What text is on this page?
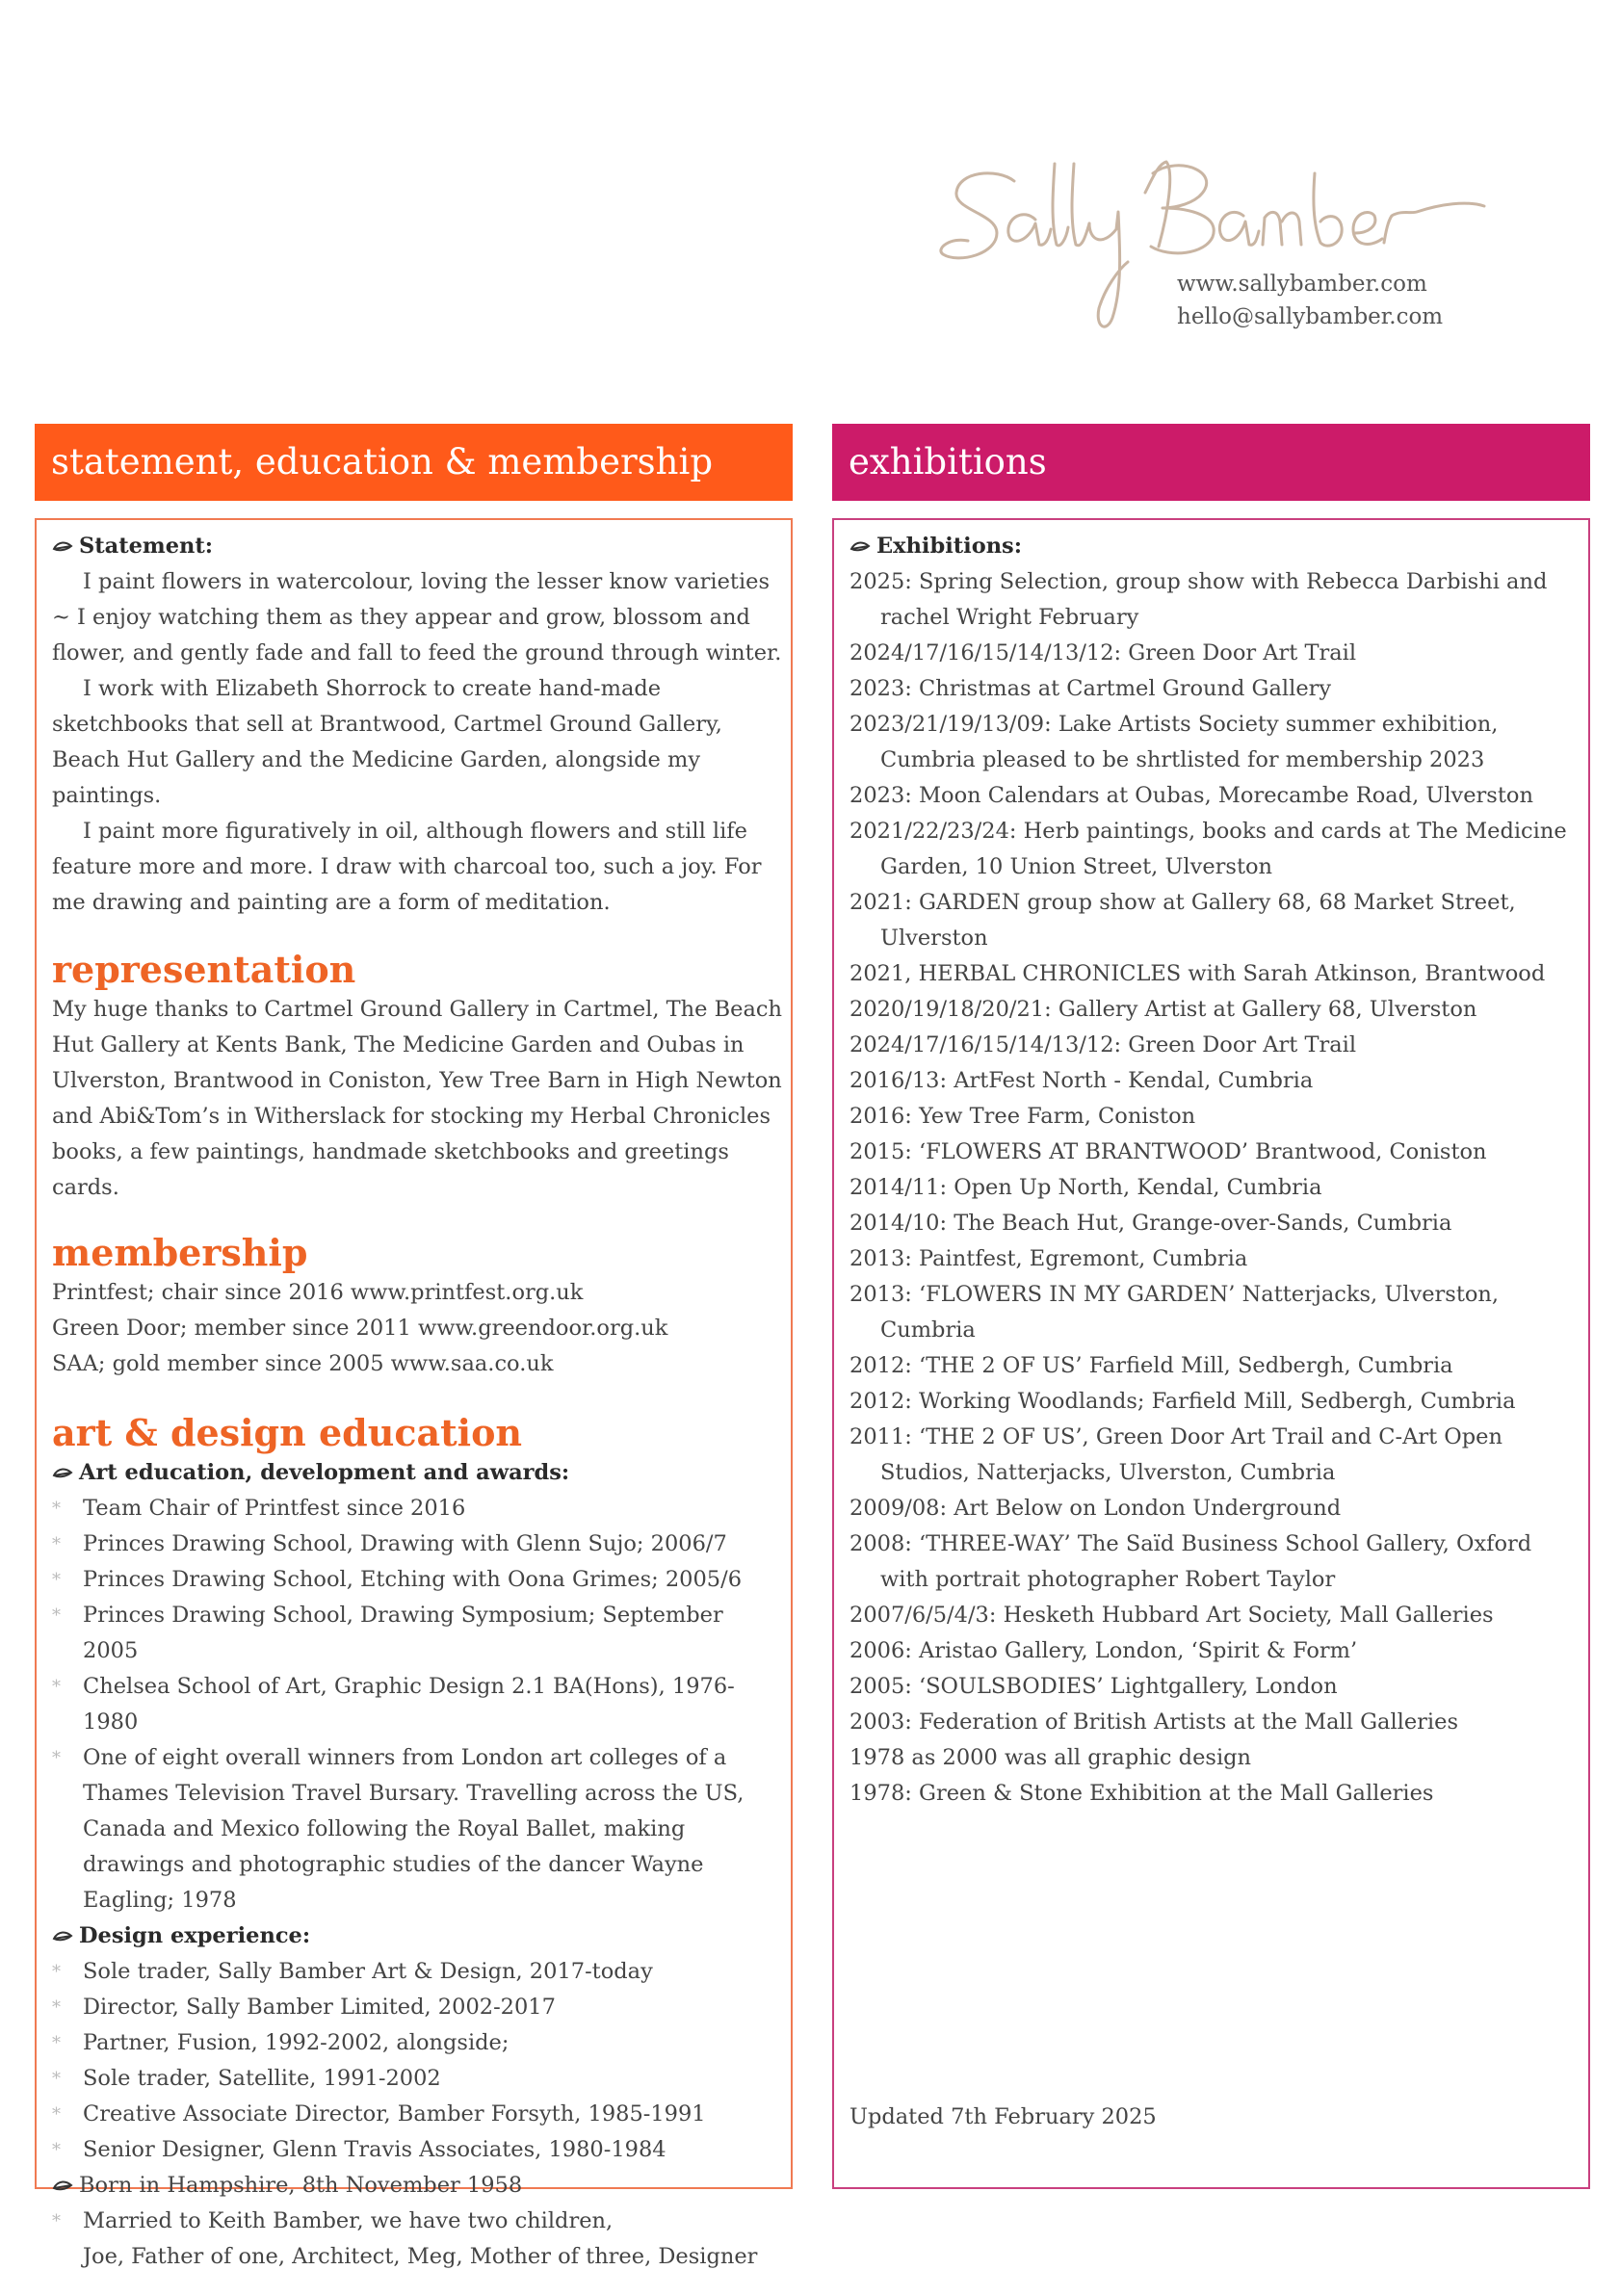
www.sallybamber.com
hello@sallybamber.com
statement, education & membership	exhibitions
Statement:

I paint flowers in watercolour, loving the lesser know varieties ~ I enjoy watching them as they appear and grow, blossom and flower, and gently fade and fall to feed the ground through winter.

I work with Elizabeth Shorrock to create hand-made sketchbooks that sell at Brantwood, Cartmel Ground Gallery, Beach Hut Gallery and the Medicine Garden, alongside my paintings.

I paint more figuratively in oil, although flowers and still life feature more and more. I draw with charcoal too, such a joy. For me drawing and painting are a form of meditation.

representation

My huge thanks to Cartmel Ground Gallery in Cartmel, The Beach Hut Gallery at Kents Bank, The Medicine Garden and Oubas in Ulverston, Brantwood in Coniston, Yew Tree Barn in High Newton and Abi&Tom’s in Witherslack for stocking my Herbal Chronicles books, a few paintings, handmade sketchbooks and greetings cards.

membership
Printfest; chair since 2016 www.printfest.org.uk
Green Door; member since 2011 www.greendoor.org.uk
SAA; gold member since 2005 www.saa.co.uk
art & design education
Art education, development and awards:
* Team Chair of Printfest since 2016
* Princes Drawing School, Drawing with Glenn Sujo; 2006/7
* Princes Drawing School, Etching with Oona Grimes; 2005/6
* Princes Drawing School, Drawing Symposium; September 2005
* Chelsea School of Art, Graphic Design 2.1 BA(Hons), 1976-1980
* One of eight overall winners from London art colleges of a Thames Television Travel Bursary. Travelling across the US, Canada and Mexico following the Royal Ballet, making drawings and photographic studies of the dancer Wayne Eagling; 1978
Design experience:
* Sole trader, Sally Bamber Art & Design, 2017-today
* Director, Sally Bamber Limited, 2002-2017
* Partner, Fusion, 1992-2002, alongside;
* Sole trader, Satellite, 1991-2002
* Creative Associate Director, Bamber Forsyth, 1985-1991
* Senior Designer, Glenn Travis Associates, 1980-1984
Born in Hampshire, 8th November 1958
* Married to Keith Bamber, we have two children,
Joe, Father of one, Architect, Meg, Mother of three, Designer
Exhibitions:
2025: Spring Selection, group show with Rebecca Darbishi and rachel Wright February
2024/17/16/15/14/13/12: Green Door Art Trail
2023: Christmas at Cartmel Ground Gallery
2023/21/19/13/09: Lake Artists Society summer exhibition, Cumbria pleased to be shrtlisted for membership 2023
2023: Moon Calendars at Oubas, Morecambe Road, Ulverston
2021/22/23/24: Herb paintings, books and cards at The Medicine Garden, 10 Union Street, Ulverston
2021: GARDEN group show at Gallery 68, 68 Market Street, Ulverston
2021, HERBAL CHRONICLES with Sarah Atkinson, Brantwood
2020/19/18/20/21: Gallery Artist at Gallery 68, Ulverston
2024/17/16/15/14/13/12: Green Door Art Trail
2016/13: ArtFest North - Kendal, Cumbria
2016: Yew Tree Farm, Coniston
2015: ‘FLOWERS AT BRANTWOOD’ Brantwood, Coniston
2014/11: Open Up North, Kendal, Cumbria
2014/10: The Beach Hut, Grange-over-Sands, Cumbria
2013: Paintfest, Egremont, Cumbria
2013: ‘FLOWERS IN MY GARDEN’ Natterjacks, Ulverston, Cumbria
2012: ‘THE 2 OF US’ Farfield Mill, Sedbergh, Cumbria
2012: Working Woodlands; Farfield Mill, Sedbergh, Cumbria
2011: ‘THE 2 OF US’, Green Door Art Trail and C-Art Open Studios, Natterjacks, Ulverston, Cumbria
2009/08: Art Below on London Underground
2008: ‘THREE-WAY’ The Saïd Business School Gallery, Oxford with portrait photographer Robert Taylor
2007/6/5/4/3: Hesketh Hubbard Art Society, Mall Galleries
2006: Aristao Gallery, London, ‘Spirit & Form’
2005: ‘SOULSBODIES’ Lightgallery, London
2003: Federation of British Artists at the Mall Galleries
1978 as 2000 was all graphic design
1978: Green & Stone Exhibition at the Mall Galleries
Updated 7th February 2025
